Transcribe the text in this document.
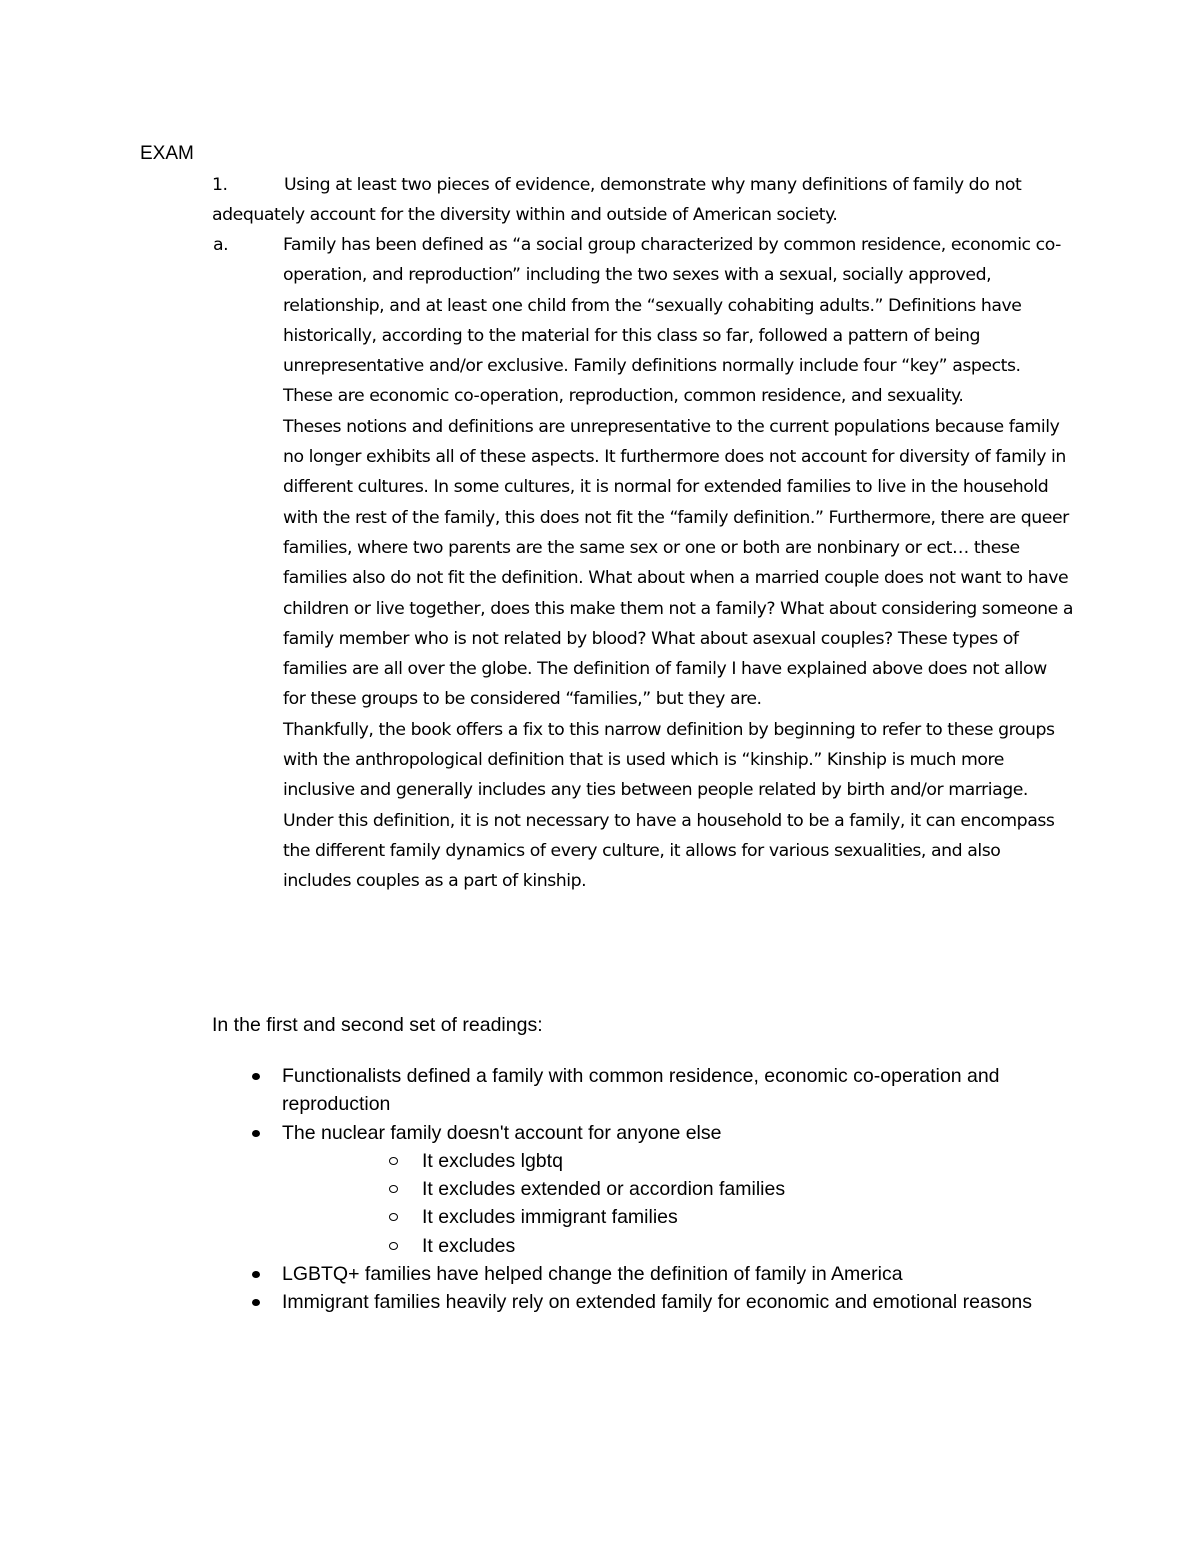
EXAM

1.	Using at least two pieces of evidence, demonstrate why many definitions of family do not adequately account for the diversity within and outside of American society.

a.	Family has been defined as “a social group characterized by common residence, economic co-operation, and reproduction” including the two sexes with a sexual, socially approved, relationship, and at least one child from the “sexually cohabiting adults.” Definitions have historically, according to the material for this class so far, followed a pattern of being unrepresentative and/or exclusive. Family definitions normally include four “key” aspects. These are economic co-operation, reproduction, common residence, and sexuality.

Theses notions and definitions are unrepresentative to the current populations because family no longer exhibits all of these aspects. It furthermore does not account for diversity of family in different cultures. In some cultures, it is normal for extended families to live in the household with the rest of the family, this does not fit the “family definition.” Furthermore, there are queer families, where two parents are the same sex or one or both are nonbinary or ect… these families also do not fit the definition. What about when a married couple does not want to have children or live together, does this make them not a family? What about considering someone a family member who is not related by blood? What about asexual couples? These types of families are all over the globe. The definition of family I have explained above does not allow for these groups to be considered “families,” but they are.

Thankfully, the book offers a fix to this narrow definition by beginning to refer to these groups with the anthropological definition that is used which is “kinship.” Kinship is much more inclusive and generally includes any ties between people related by birth and/or marriage. Under this definition, it is not necessary to have a household to be a family, it can encompass the different family dynamics of every culture, it allows for various sexualities, and also includes couples as a part of kinship.

In the first and second set of readings:

Functionalists defined a family with common residence, economic co-operation and reproduction
The nuclear family doesn't account for anyone else
It excludes lgbtq
It excludes extended or accordion families
It excludes immigrant families
It excludes
LGBTQ+ families have helped change the definition of family in America
Immigrant families heavily rely on extended family for economic and emotional reasons
